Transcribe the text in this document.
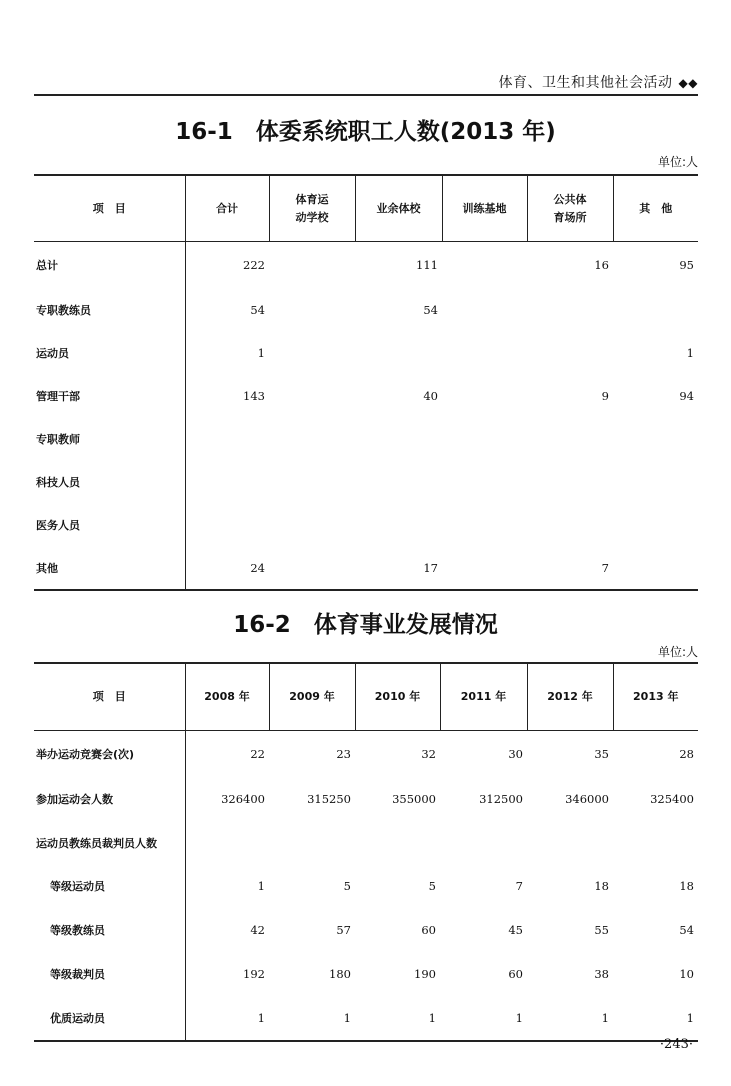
体育、卫生和其他社会活动 ◆◆
16-1　体委系统职工人数(2013 年)
单位:人
项　目	合计	体育运
动学校	业余体校	训练基地	公共体
育场所	其　他
总计	222		111		16	95
专职教练员	54		54			
运动员	1					1
管理干部	143		40		9	94
专职教师						
科技人员						
医务人员						
其他	24		17		7	
16-2　体育事业发展情况
单位:人
项　目	2008 年	2009 年	2010 年	2011 年	2012 年	2013 年
举办运动竞赛会(次)	22	23	32	30	35	28
参加运动会人数	326400	315250	355000	312500	346000	325400
运动员教练员裁判员人数						
等级运动员	1	5	5	7	18	18
等级教练员	42	57	60	45	55	54
等级裁判员	192	180	190	60	38	10
优质运动员	1	1	1	1	1	1
·243·
